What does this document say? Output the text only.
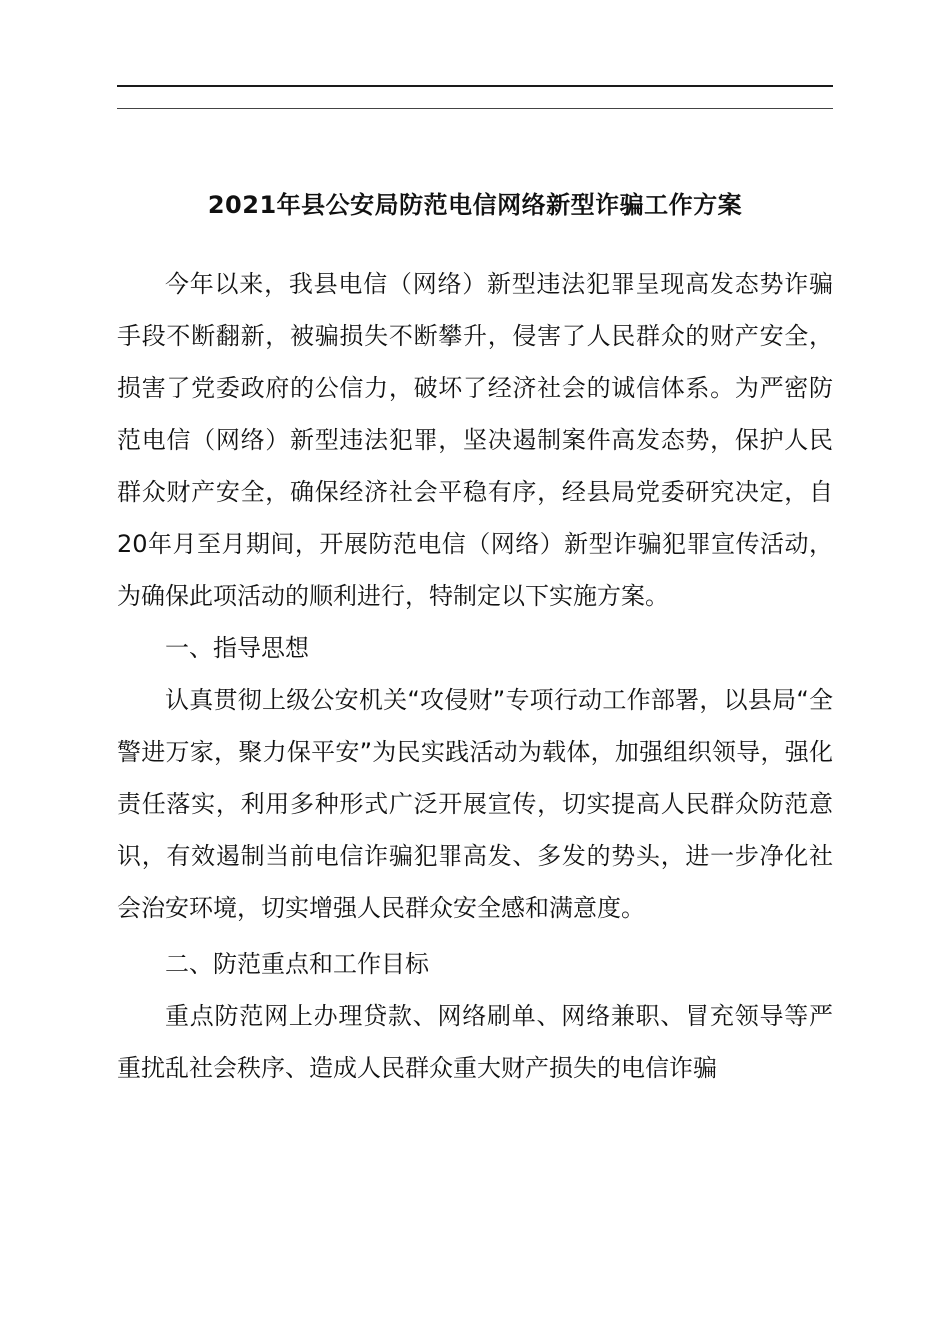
2021年县公安局防范电信网络新型诈骗工作方案

今年以来，我县电信（网络）新型违法犯罪呈现高发态势诈骗手段不断翻新，被骗损失不断攀升，侵害了人民群众的财产安全，损害了党委政府的公信力，破坏了经济社会的诚信体系。为严密防范电信（网络）新型违法犯罪，坚决遏制案件高发态势，保护人民群众财产安全，确保经济社会平稳有序，经县局党委研究决定，自20年月至月期间，开展防范电信（网络）新型诈骗犯罪宣传活动，为确保此项活动的顺利进行，特制定以下实施方案。

一、指导思想

认真贯彻上级公安机关“攻侵财”专项行动工作部署，以县局“全警进万家，聚力保平安”为民实践活动为载体，加强组织领导，强化责任落实，利用多种形式广泛开展宣传，切实提高人民群众防范意识，有效遏制当前电信诈骗犯罪高发、多发的势头，进一步净化社会治安环境，切实增强人民群众安全感和满意度。

二、防范重点和工作目标

重点防范网上办理贷款、网络刷单、网络兼职、冒充领导等严重扰乱社会秩序、造成人民群众重大财产损失的电信诈骗
